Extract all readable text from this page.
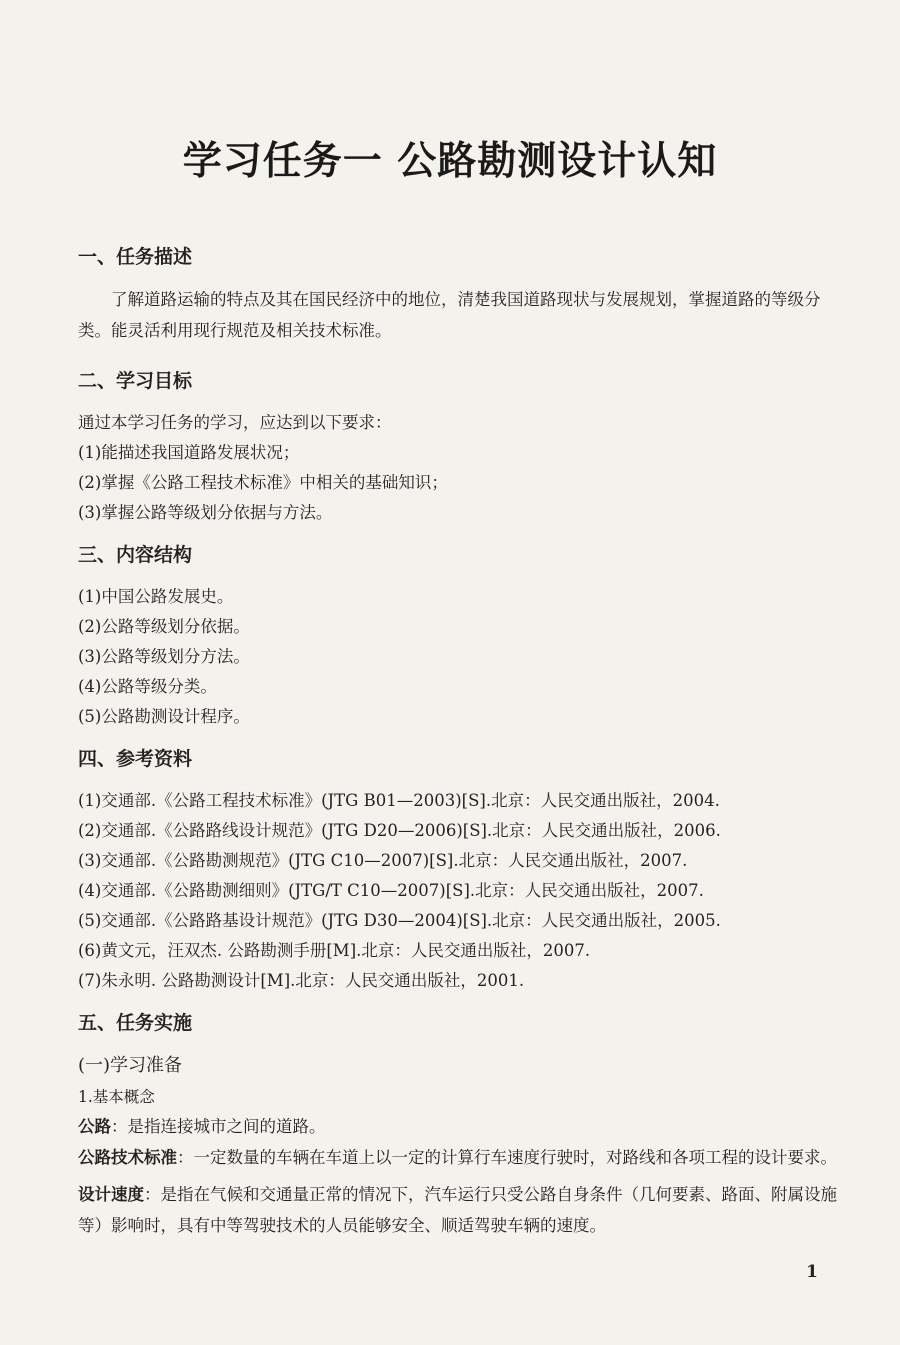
学习任务一 公路勘测设计认知
一、任务描述

了解道路运输的特点及其在国民经济中的地位，清楚我国道路现状与发展规划，掌握道路的等级分类。能灵活利用现行规范及相关技术标准。

二、学习目标

通过本学习任务的学习，应达到以下要求：

(1)能描述我国道路发展状况；

(2)掌握《公路工程技术标准》中相关的基础知识；

(3)掌握公路等级划分依据与方法。

三、内容结构

(1)中国公路发展史。

(2)公路等级划分依据。

(3)公路等级划分方法。

(4)公路等级分类。

(5)公路勘测设计程序。

四、参考资料

(1)交通部.《公路工程技术标准》(JTG B01—2003)[S].北京：人民交通出版社，2004.

(2)交通部.《公路路线设计规范》(JTG D20—2006)[S].北京：人民交通出版社，2006.

(3)交通部.《公路勘测规范》(JTG C10—2007)[S].北京：人民交通出版社，2007.

(4)交通部.《公路勘测细则》(JTG/T C10—2007)[S].北京：人民交通出版社，2007.

(5)交通部.《公路路基设计规范》(JTG D30—2004)[S].北京：人民交通出版社，2005.

(6)黄文元，汪双杰. 公路勘测手册[M].北京：人民交通出版社，2007.

(7)朱永明. 公路勘测设计[M].北京：人民交通出版社，2001.

五、任务实施

(一)学习准备

1.基本概念

公路：是指连接城市之间的道路。

公路技术标准：一定数量的车辆在车道上以一定的计算行车速度行驶时，对路线和各项工程的设计要求。

设计速度：是指在气候和交通量正常的情况下，汽车运行只受公路自身条件（几何要素、路面、附属设施等）影响时，具有中等驾驶技术的人员能够安全、顺适驾驶车辆的速度。

1
